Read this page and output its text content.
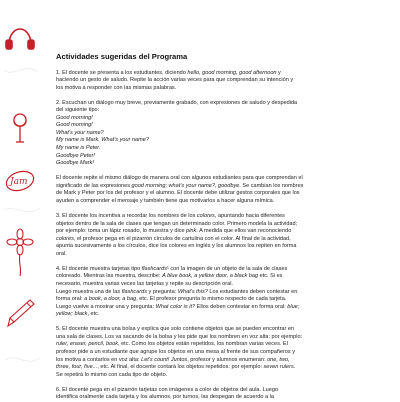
Jam
Actividades sugeridas del Programa
1. El docente se presenta a los estudiantes, diciendo hello, good morning, good afternoon y
haciendo un gesto de saludo. Repite la acción varias veces para que comprendan su intención y
los motiva a responder con las mismas palabras.
2. Escuchan un diálogo muy breve, previamente grabado, con expresiones de saludo y despedida
del siguiente tipo:
Good morning!
Good morning!
What's your name?
My name is Mark. What's your name?
My name is Peter.
Goodbye Peter!
Goodbye Mark!
El docente repite el mismo diálogo de manera oral con algunos estudiantes para que comprendan el
significado de las expresiones good morning; what's your name?, goodbye. Se cambian los nombres
de Mark y Peter por los del profesor y el alumno. El docente debe utilizar gestos corporales que los
ayuden a comprender el mensaje y también tiene que motivarlos a hacer alguna mímica.
3. El docente los incentiva a recordar los nombres de los colores, apuntando hacia diferentes
objetos dentro de la sala de clases que tengan un determinado color. Primero modela la actividad;
por ejemplo: toma un lápiz rosado, lo muestra y dice pink. A medida que ellos van reconociendo
colores, el profesor pega en el pizarrón círculos de cartulina con el color. Al final de la actividad,
apunta sucesivamente a los círculos, dice los colores en inglés y los alumnos los repiten en forma
oral.
4. El docente muestra tarjetas tipo flashcards¹ con la imagen de un objeto de la sala de clases
coloreado. Mientras las muestra, describe: A blue book, a yellow door, a black bag etc. Si es
necesario, muestra varias veces las tarjetas y repite su descripción oral.
Luego muestra una de las flashcards y pregunta: What's this? Los estudiantes deben contestar en
forma oral: a book, a door, a bag, etc. El profesor pregunta lo mismo respecto de cada tarjeta.
Luego vuelve a mostrar una y pregunta: What color is it? Ellos deben contestar en forma oral: blue;
yellow; black, etc.
5. El docente muestra una bolsa y explica que solo contiene objetos que se pueden encontrar en
una sala de clases. Los va sacando de la bolsa y les pide que los nombren en voz alta: por ejemplo:
ruler, eraser, pencil, book, etc. Como los objetos están repetidos, los nombran varias veces. El
profesor pide a un estudiante que agrupe los objetos en una mesa al frente de sus compañeros y
los motiva a contarlos en voz alta: Let's count! Juntos, profesor y alumnos enumeran: one, two,
three, four, five..., etc. Al final, el docente contará los objetos repetidos: por ejemplo: seven rulers.
Se repetirá lo mismo con cada tipo de objeto.
6. El docente pega en el pizarrón tarjetas con imágenes a color de objetos del aula. Luego
identifica oralmente cada tarjeta y los alumnos, por turnos, las despegan de acuerdo a la
